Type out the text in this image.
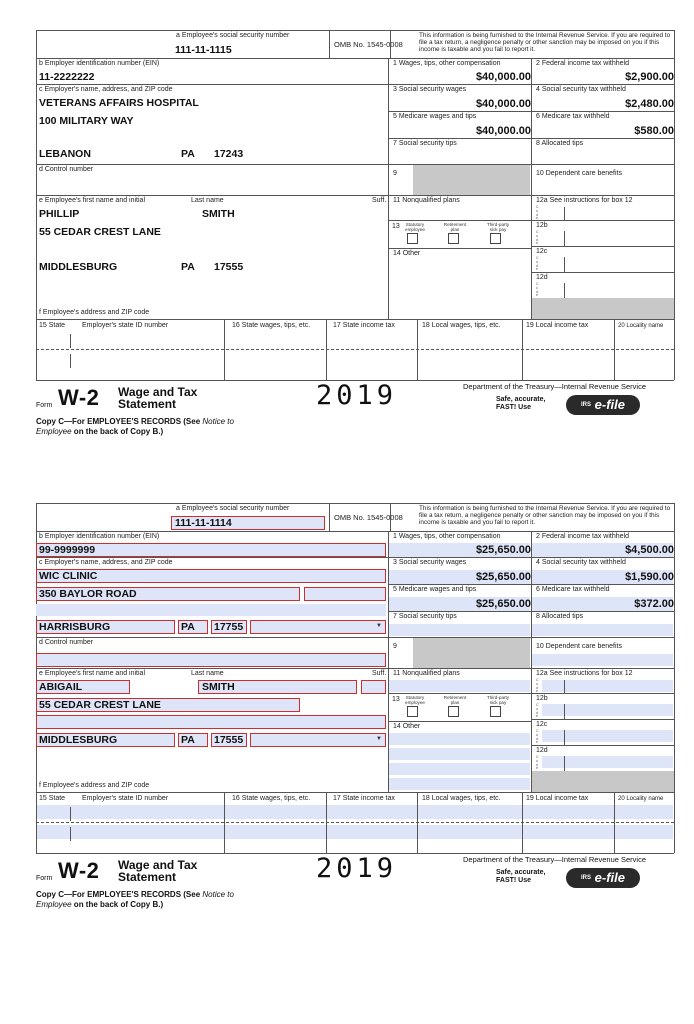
a Employee's social security number
111-11-1115	OMB No. 1545-0008
This information is being furnished to the Internal Revenue Service. If you are required to file a tax return, a negligence penalty or other sanction may be imposed on you if this income is taxable and you fail to report it.
b Employer identification number (EIN)
11-2222222
c Employer's name, address, and ZIP code
VETERANS AFFAIRS HOSPITAL
100 MILITARY WAY
LEBANON	PA 17243
d Control number
e Employee's first name and initial	Last name	Suff.
PHILLIP	SMITH
55 CEDAR CREST LANE
MIDDLESBURG	PA 17555
f Employee's address and ZIP code
1 Wages, tips, other compensation
$40,000.00
3 Social security wages
$40,000.00
5 Medicare wages and tips
$40,000.00
7 Social security tips
9
11 Nonqualified plans
13	Statutory employee
Retirement plan
Third-party sick pay
14 Other
2 Federal income tax withheld
$2,900.00
4 Social security tax withheld
$2,480.00
6 Medicare tax withheld
$580.00
8 Allocated tips
10 Dependent care benefits
12a See instructions for box 12
C o d e
12b
C o d e
12c
C o d e
12d
C o d e
15 State Employer's state ID number	16 State wages, tips, etc.	17 State income tax	18 Local wages, tips, etc.	19 Local income tax	20 Locality name
Form W-2 Wage and Tax
Statement	2019	Department of the Treasury—Internal Revenue Service
Safe, accurate,
FAST! Use	$^{IRS}$ e-file
Copy C—For EMPLOYEE'S RECORDS (See Notice to
Employee on the back of Copy B.)
a Employee's social security number
111-11-1114	OMB No. 1545-0008
This information is being furnished to the Internal Revenue Service. If you are required to file a tax return, a negligence penalty or other sanction may be imposed on you if this income is taxable and you fail to report it.
b Employer identification number (EIN)
99-9999999
c Employer's name, address, and ZIP code
WIC CLINIC
350 BAYLOR ROAD
HARRISBURG	PA 17755	▼
d Control number
e Employee's first name and initial	Last name	Suff.
ABIGAIL	SMITH
55 CEDAR CREST LANE
MIDDLESBURG	PA 17555	▼
f Employee's address and ZIP code
1 Wages, tips, other compensation
$25,650.00
3 Social security wages
$25,650.00
5 Medicare wages and tips
$25,650.00
7 Social security tips
9
11 Nonqualified plans
13	Statutory employee
Retirement plan
Third-party sick pay
14 Other
2 Federal income tax withheld
$4,500.00
4 Social security tax withheld
$1,590.00
6 Medicare tax withheld
$372.00
8 Allocated tips
10 Dependent care benefits
12a See instructions for box 12
C o d e
12b
C o d e
12c
C o d e
12d
C o d e
15 State Employer's state ID number	16 State wages, tips, etc.	17 State income tax	18 Local wages, tips, etc.	19 Local income tax	20 Locality name
Form W-2 Wage and Tax
Statement	2019	Department of the Treasury—Internal Revenue Service
Safe, accurate,
FAST! Use	$^{IRS}$ e-file
Copy C—For EMPLOYEE'S RECORDS (See Notice to
Employee on the back of Copy B.)
